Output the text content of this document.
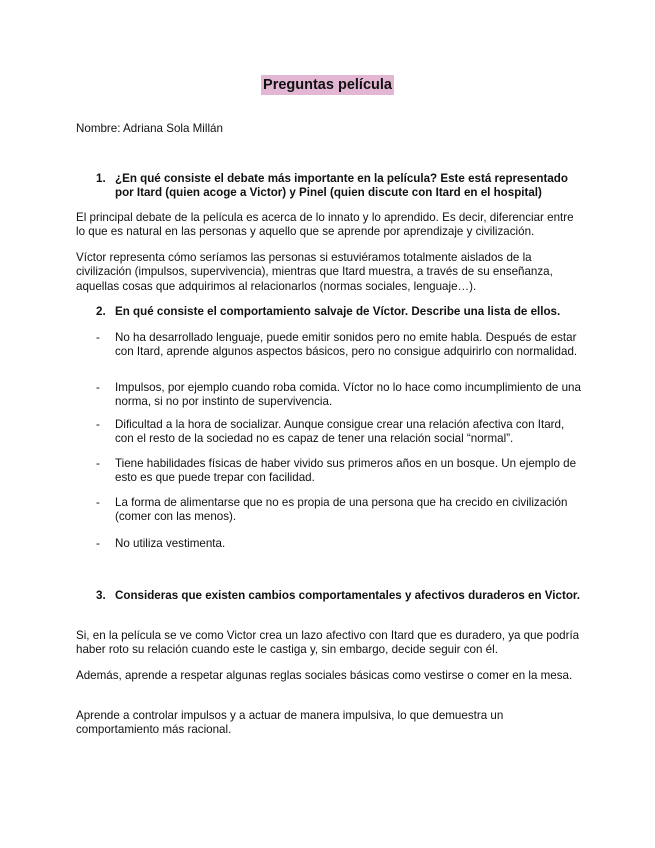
Preguntas película

Nombre: Adriana Sola Millán

1. ¿En qué consiste el debate más importante en la película? Este está representado por Itard (quien acoge a Victor) y Pinel (quien discute con Itard en el hospital)

El principal debate de la película es acerca de lo innato y lo aprendido. Es decir, diferenciar entre lo que es natural en las personas y aquello que se aprende por aprendizaje y civilización.

Víctor representa cómo seríamos las personas si estuviéramos totalmente aislados de la civilización (impulsos, supervivencia), mientras que Itard muestra, a través de su enseñanza, aquellas cosas que adquirimos al relacionarlos (normas sociales, lenguaje…).

2. En qué consiste el comportamiento salvaje de Víctor. Describe una lista de ellos.
-	No ha desarrollado lenguaje, puede emitir sonidos pero no emite habla. Después de estar con Itard, aprende algunos aspectos básicos, pero no consigue adquirirlo con normalidad.
-	Impulsos, por ejemplo cuando roba comida. Víctor no lo hace como incumplimiento de una norma, si no por instinto de supervivencia.
-	Dificultad a la hora de socializar. Aunque consigue crear una relación afectiva con Itard, con el resto de la sociedad no es capaz de tener una relación social “normal”.
-	Tiene habilidades físicas de haber vivido sus primeros años en un bosque. Un ejemplo de esto es que puede trepar con facilidad.
-	La forma de alimentarse que no es propia de una persona que ha crecido en civilización (comer con las menos).
-	No utiliza vestimenta.
3. Consideras que existen cambios comportamentales y afectivos duraderos en Victor.

Si, en la película se ve como Victor crea un lazo afectivo con Itard que es duradero, ya que podría haber roto su relación cuando este le castiga y, sin embargo, decide seguir con él.

Además, aprende a respetar algunas reglas sociales básicas como vestirse o comer en la mesa.

Aprende a controlar impulsos y a actuar de manera impulsiva, lo que demuestra un comportamiento más racional.
